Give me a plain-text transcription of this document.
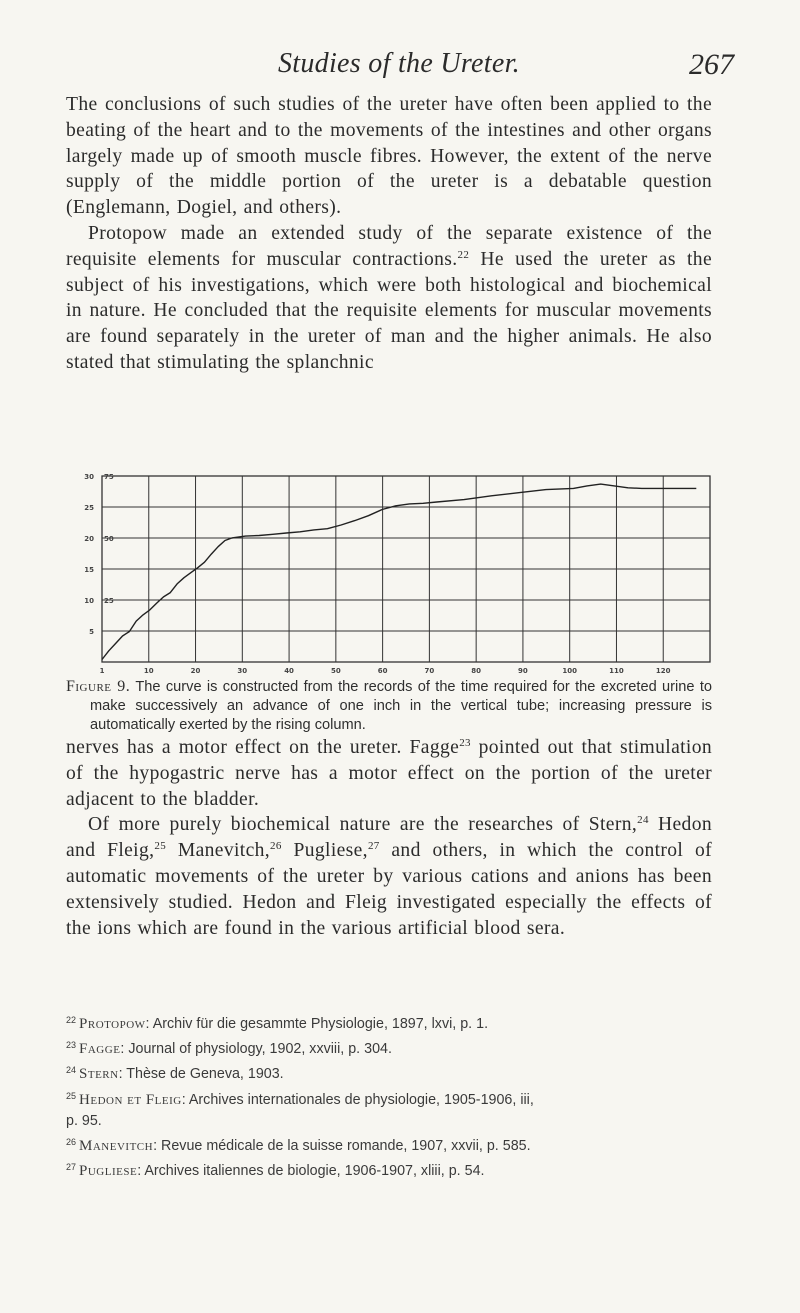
Studies of the Ureter.	267

The conclusions of such studies of the ureter have often been applied to the beating of the heart and to the movements of the intestines and other organs largely made up of smooth muscle fibres. However, the extent of the nerve supply of the middle portion of the ureter is a debatable question (Englemann, Dogiel, and others).

Protopow made an extended study of the separate existence of the requisite elements for muscular contractions.$^{22}$ He used the ureter as the subject of his investigations, which were both histological and biochemical in nature. He concluded that the requisite elements for muscular movements are found separately in the ureter of man and the higher animals. He also stated that stimulating the splanchnic

30
25
20
15
10
5
75
50
25
1	10	20	30	40	50	60	70	80	90	100	110	120
Figure 9. The curve is constructed from the records of the time required for the excreted urine to make successively an advance of one inch in the vertical tube; increasing pressure is automatically exerted by the rising column.

nerves has a motor effect on the ureter. Fagge$^{23}$ pointed out that stimulation of the hypogastric nerve has a motor effect on the portion of the ureter adjacent to the bladder.

Of more purely biochemical nature are the researches of Stern,$^{24}$ Hedon and Fleig,$^{25}$ Manevitch,$^{26}$ Pugliese,$^{27}$ and others, in which the control of automatic movements of the ureter by various cations and anions has been extensively studied. Hedon and Fleig investigated especially the effects of the ions which are found in the various artificial blood sera.

$^{22}$ Protopow: Archiv für die gesammte Physiologie, 1897, lxvi, p. 1.
$^{23}$ Fagge: Journal of physiology, 1902, xxviii, p. 304.
$^{24}$ Stern: Thèse de Geneva, 1903.
$^{25}$ Hedon et Fleig: Archives internationales de physiologie, 1905-1906, iii,
p. 95.
$^{26}$ Manevitch: Revue médicale de la suisse romande, 1907, xxvii, p. 585.
$^{27}$ Pugliese: Archives italiennes de biologie, 1906-1907, xliii, p. 54.
